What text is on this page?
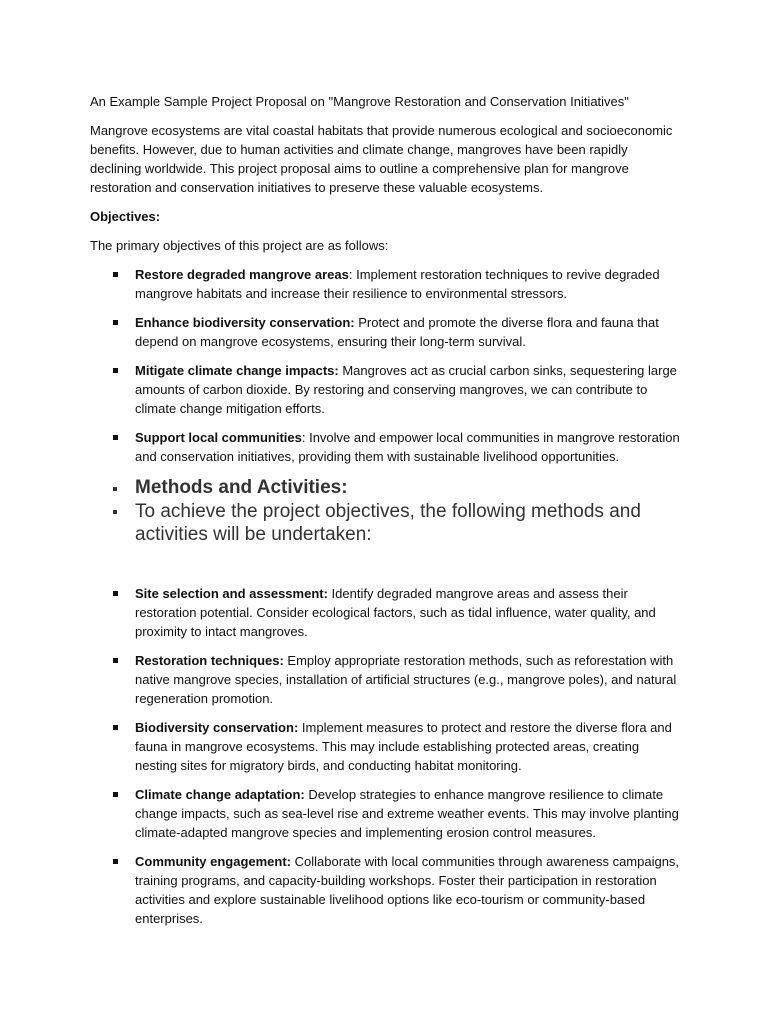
An Example Sample Project Proposal on "Mangrove Restoration and Conservation Initiatives"

Mangrove ecosystems are vital coastal habitats that provide numerous ecological and socioeconomic benefits. However, due to human activities and climate change, mangroves have been rapidly declining worldwide. This project proposal aims to outline a comprehensive plan for mangrove restoration and conservation initiatives to preserve these valuable ecosystems.

Objectives:

The primary objectives of this project are as follows:

Restore degraded mangrove areas: Implement restoration techniques to revive degraded mangrove habitats and increase their resilience to environmental stressors.
Enhance biodiversity conservation: Protect and promote the diverse flora and fauna that depend on mangrove ecosystems, ensuring their long-term survival.
Mitigate climate change impacts: Mangroves act as crucial carbon sinks, sequestering large amounts of carbon dioxide. By restoring and conserving mangroves, we can contribute to climate change mitigation efforts.
Support local communities: Involve and empower local communities in mangrove restoration and conservation initiatives, providing them with sustainable livelihood opportunities.
Methods and Activities:
To achieve the project objectives, the following methods and activities will be undertaken:
Site selection and assessment: Identify degraded mangrove areas and assess their restoration potential. Consider ecological factors, such as tidal influence, water quality, and proximity to intact mangroves.
Restoration techniques: Employ appropriate restoration methods, such as reforestation with native mangrove species, installation of artificial structures (e.g., mangrove poles), and natural regeneration promotion.
Biodiversity conservation: Implement measures to protect and restore the diverse flora and fauna in mangrove ecosystems. This may include establishing protected areas, creating nesting sites for migratory birds, and conducting habitat monitoring.
Climate change adaptation: Develop strategies to enhance mangrove resilience to climate change impacts, such as sea-level rise and extreme weather events. This may involve planting climate-adapted mangrove species and implementing erosion control measures.
Community engagement: Collaborate with local communities through awareness campaigns, training programs, and capacity-building workshops. Foster their participation in restoration activities and explore sustainable livelihood options like eco-tourism or community-based enterprises.
